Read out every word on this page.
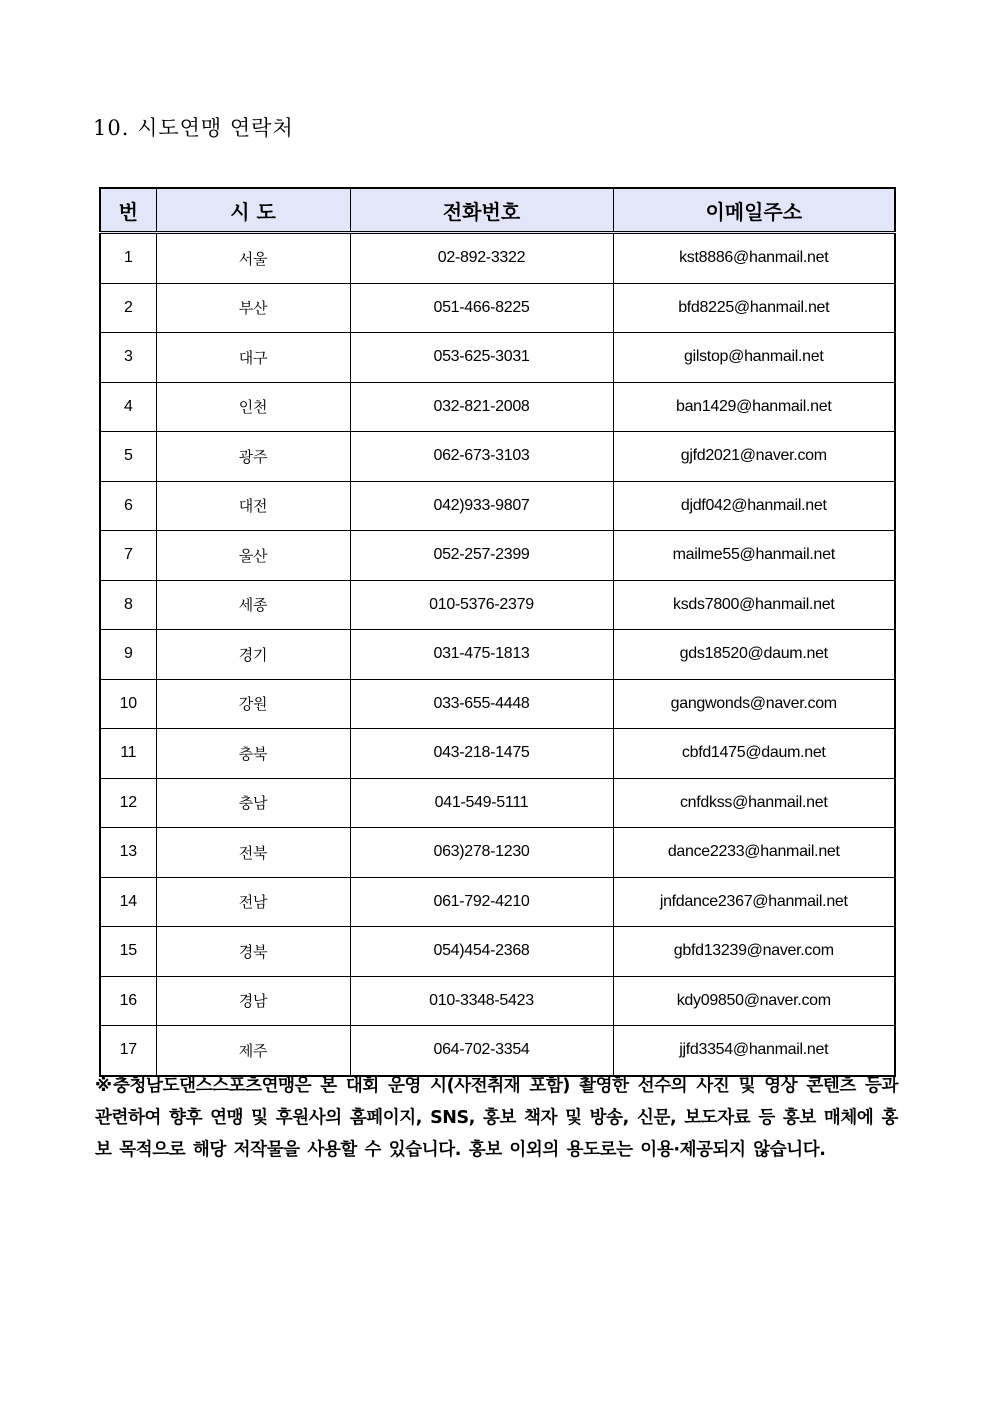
10. 시도연맹 연락처
번	시 도	전화번호	이메일주소
1	서울	02-892-3322	kst8886@hanmail.net
2	부산	051-466-8225	bfd8225@hanmail.net
3	대구	053-625-3031	gilstop@hanmail.net
4	인천	032-821-2008	ban1429@hanmail.net
5	광주	062-673-3103	gjfd2021@naver.com
6	대전	042)933-9807	djdf042@hanmail.net
7	울산	052-257-2399	mailme55@hanmail.net
8	세종	010-5376-2379	ksds7800@hanmail.net
9	경기	031-475-1813	gds18520@daum.net
10	강원	033-655-4448	gangwonds@naver.com
11	충북	043-218-1475	cbfd1475@daum.net
12	충남	041-549-5111	cnfdkss@hanmail.net
13	전북	063)278-1230	dance2233@hanmail.net
14	전남	061-792-4210	jnfdance2367@hanmail.net
15	경북	054)454-2368	gbfd13239@naver.com
16	경남	010-3348-5423	kdy09850@naver.com
17	제주	064-702-3354	jjfd3354@hanmail.net
※충청남도댄스스포츠연맹은 본 대회 운영 시(사전취재 포함) 촬영한 선수의 사진 및 영상 콘텐츠 등과 관련하여 향후 연맹 및 후원사의 홈페이지, SNS, 홍보 책자 및 방송, 신문, 보도자료 등 홍보 매체에 홍보 목적으로 해당 저작물을 사용할 수 있습니다. 홍보 이외의 용도로는 이용·제공되지 않습니다.
